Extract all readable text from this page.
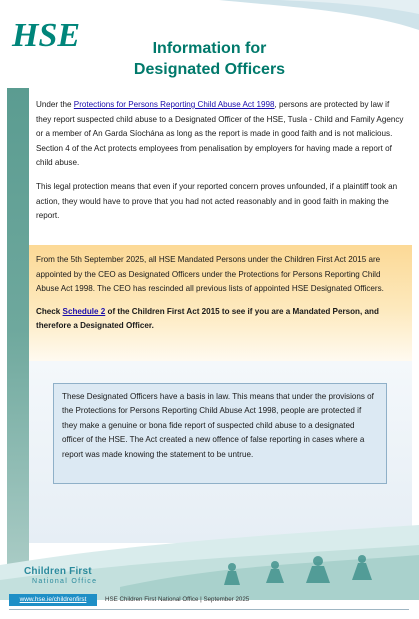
HSE	Information for
Designated Officers

Under the Protections for Persons Reporting Child Abuse Act 1998, persons are protected by law if they report suspected child abuse to a Designated Officer of the HSE, Tusla - Child and Family Agency or a member of An Garda Síochána as long as the report is made in good faith and is not malicious. Section 4 of the Act protects employees from penalisation by employers for having made a report of child abuse.

This legal protection means that even if your reported concern proves unfounded, if a plaintiff took an action, they would have to prove that you had not acted reasonably and in good faith in making the report.

From the 5th September 2025, all HSE Mandated Persons under the Children First Act 2015 are appointed by the CEO as Designated Officers under the Protections for Persons Reporting Child Abuse Act 1998. The CEO has rescinded all previous lists of appointed HSE Designated Officers.

Check Schedule 2 of the Children First Act 2015 to see if you are a Mandated Person, and therefore a Designated Officer.

These Designated Officers have a basis in law. This means that under the provisions of the Protections for Persons Reporting Child Abuse Act 1998, people are protected if they make a genuine or bona fide report of suspected child abuse to a designated officer of the HSE. The Act created a new offence of false reporting in cases where a report was made knowing the statement to be untrue.
Children First
National Office
www.hse.ie/childrenfirst	HSE Children First National Office | September 2025
